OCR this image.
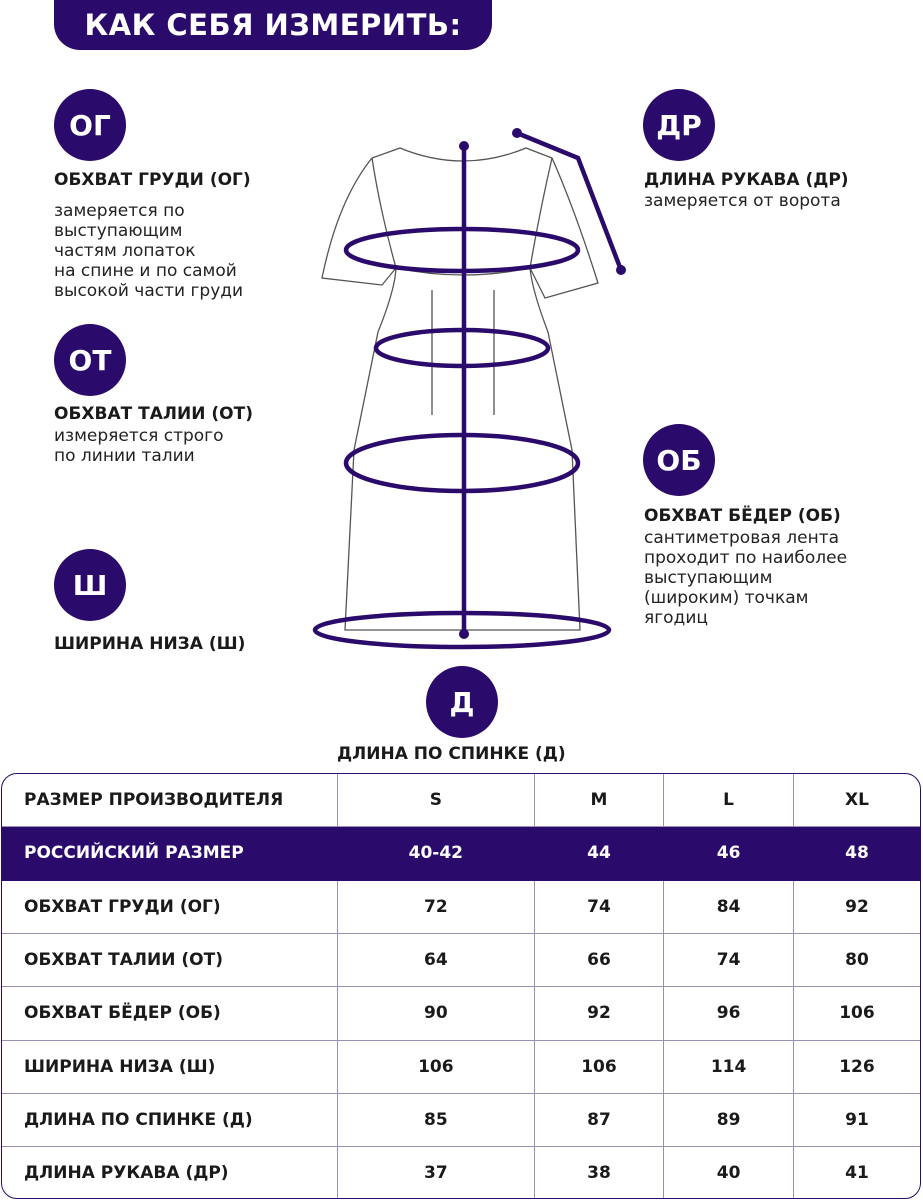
КАК СЕБЯ ИЗМЕРИТЬ:
ОГ
ОБХВАТ ГРУДИ (ОГ)
замеряется по
выступающим
частям лопаток
на спине и по самой
высокой части груди
ОТ
ОБХВАТ ТАЛИИ (ОТ)
измеряется строго
по линии талии
Ш
ШИРИНА НИЗА (Ш)
ДР
ДЛИНА РУКАВА (ДР)
замеряется от ворота
ОБ
ОБХВАТ БЁДЕР (ОБ)
сантиметровая лента
проходит по наиболее
выступающим
(широким) точкам
ягодиц
Д
ДЛИНА ПО СПИНКЕ (Д)
РАЗМЕР ПРОИЗВОДИТЕЛЯ	S	M	L	XL
РОССИЙСКИЙ РАЗМЕР	40-42	44	46	48
ОБХВАТ ГРУДИ (ОГ)	72	74	84	92
ОБХВАТ ТАЛИИ (ОТ)	64	66	74	80
ОБХВАТ БЁДЕР (ОБ)	90	92	96	106
ШИРИНА НИЗА (Ш)	106	106	114	126
ДЛИНА ПО СПИНКЕ (Д)	85	87	89	91
ДЛИНА РУКАВА (ДР)	37	38	40	41
